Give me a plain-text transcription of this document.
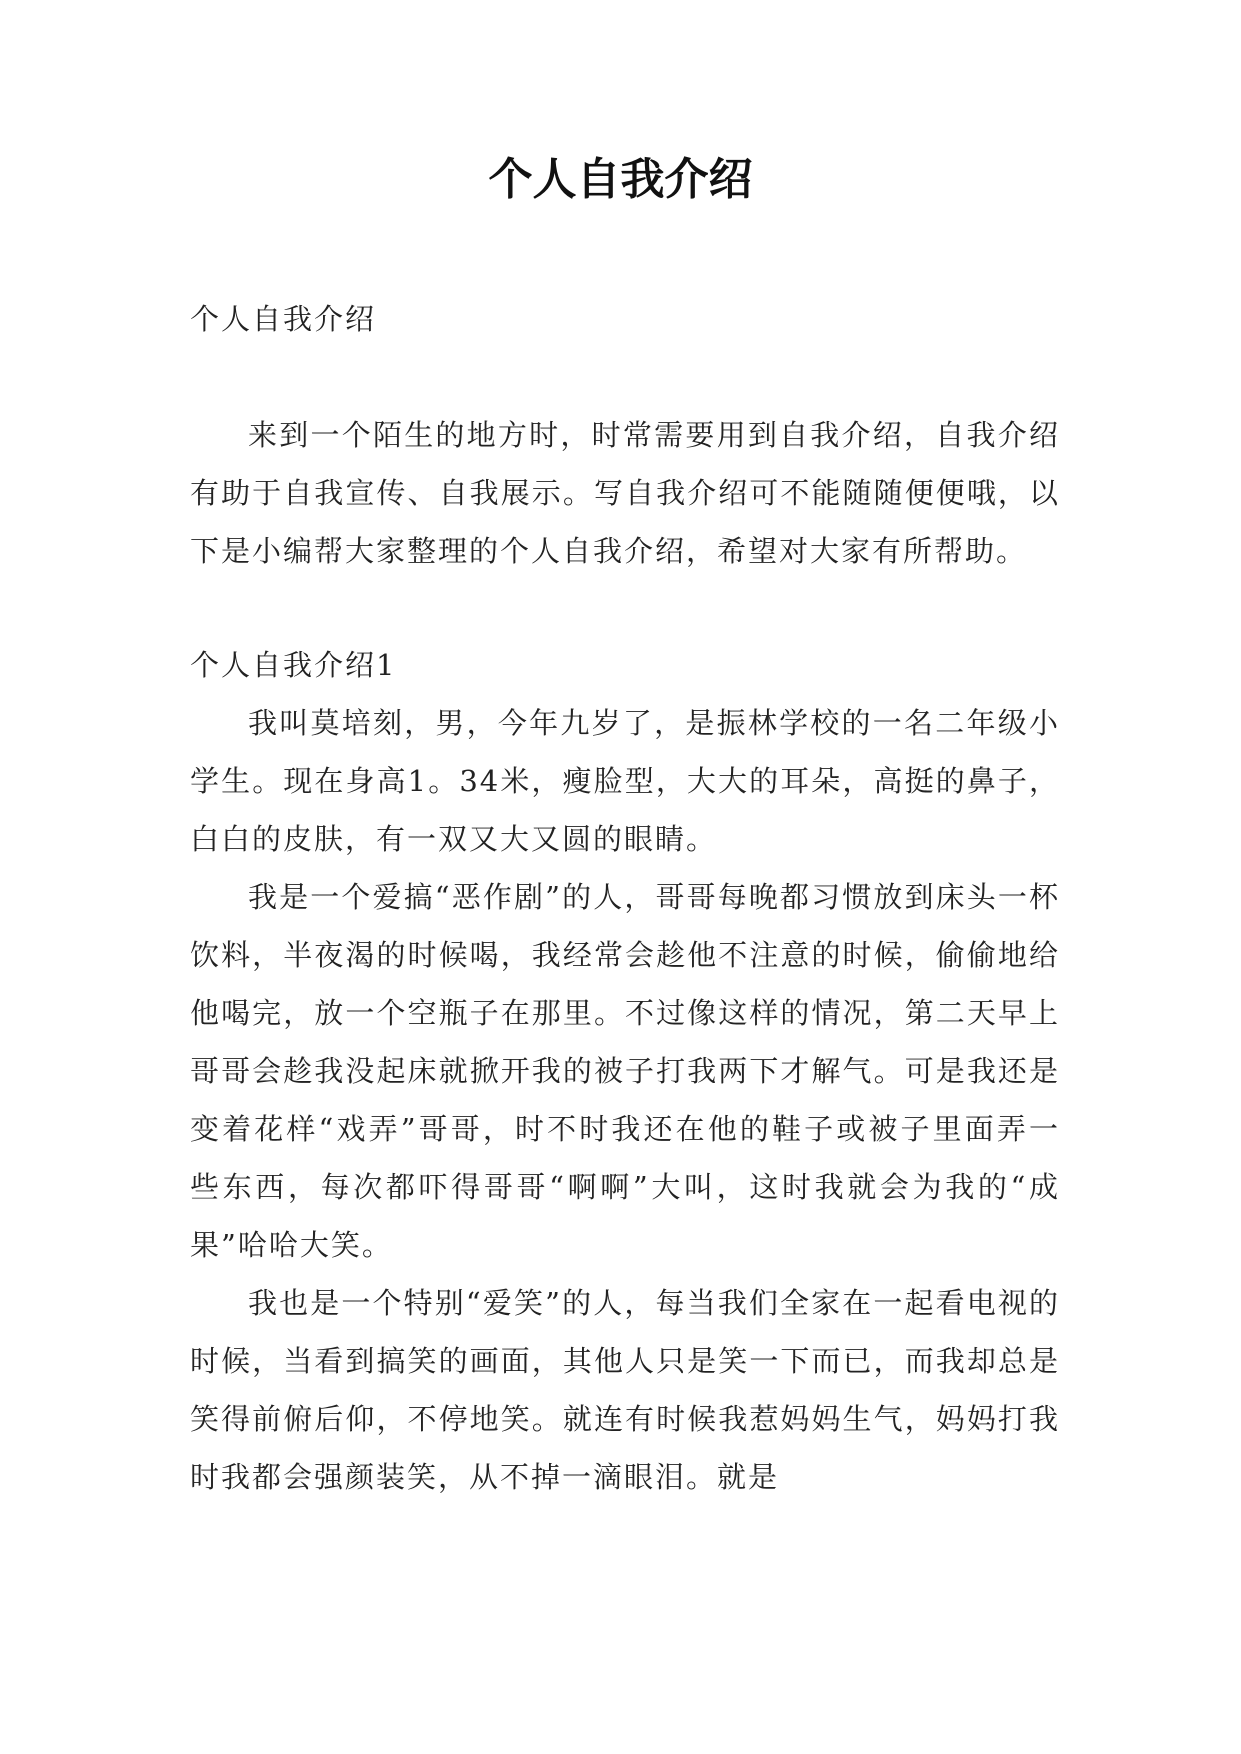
个人自我介绍

个人自我介绍

来到一个陌生的地方时，时常需要用到自我介绍，自我介绍有助于自我宣传、自我展示。写自我介绍可不能随随便便哦，以下是小编帮大家整理的个人自我介绍，希望对大家有所帮助。

个人自我介绍1

我叫莫培刻，男，今年九岁了，是振林学校的一名二年级小学生。现在身高1。34米，瘦脸型，大大的耳朵，高挺的鼻子，白白的皮肤，有一双又大又圆的眼睛。

我是一个爱搞“恶作剧”的人，哥哥每晚都习惯放到床头一杯饮料，半夜渴的时候喝，我经常会趁他不注意的时候，偷偷地给他喝完，放一个空瓶子在那里。不过像这样的情况，第二天早上哥哥会趁我没起床就掀开我的被子打我两下才解气。可是我还是变着花样“戏弄”哥哥，时不时我还在他的鞋子或被子里面弄一些东西，每次都吓得哥哥“啊啊”大叫，这时我就会为我的“成果”哈哈大笑。

我也是一个特别“爱笑”的人，每当我们全家在一起看电视的时候，当看到搞笑的画面，其他人只是笑一下而已，而我却总是笑得前俯后仰，不停地笑。就连有时候我惹妈妈生气，妈妈打我时我都会强颜装笑，从不掉一滴眼泪。就是
